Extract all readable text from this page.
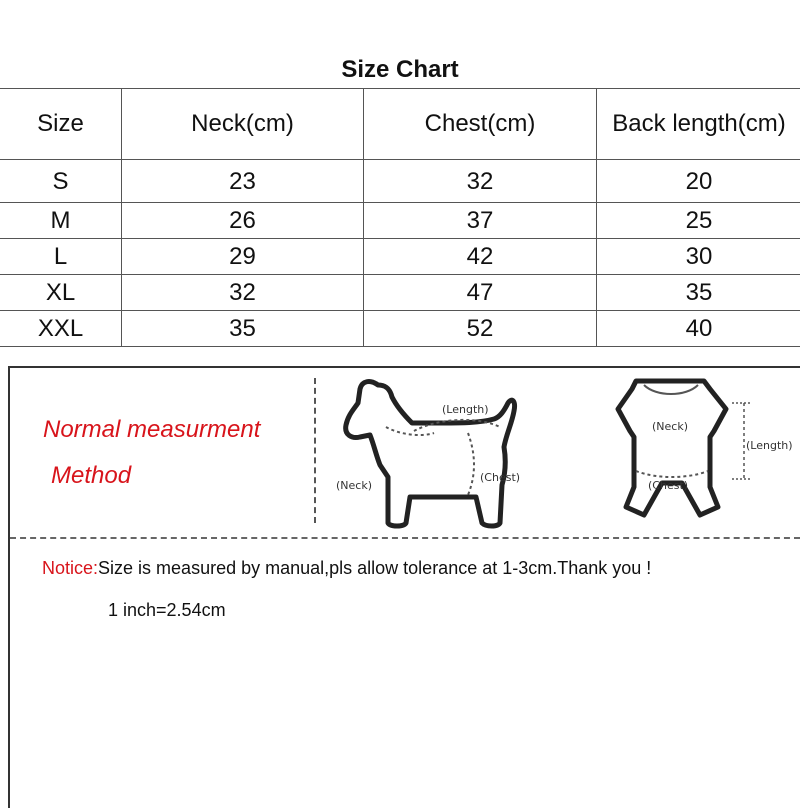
Size Chart
Size	Neck(cm)	Chest(cm)	Back length(cm)
S	23	32	20
M	26	37	25
L	29	42	30
XL	32	47	35
XXL	35	52	40
Normal measurment
Method
(Length)
(Neck)
(Chest)
(Neck)
(Chest)
(Length)
Notice:Size is measured by manual,pls allow tolerance at 1-3cm.Thank you !
1 inch=2.54cm
